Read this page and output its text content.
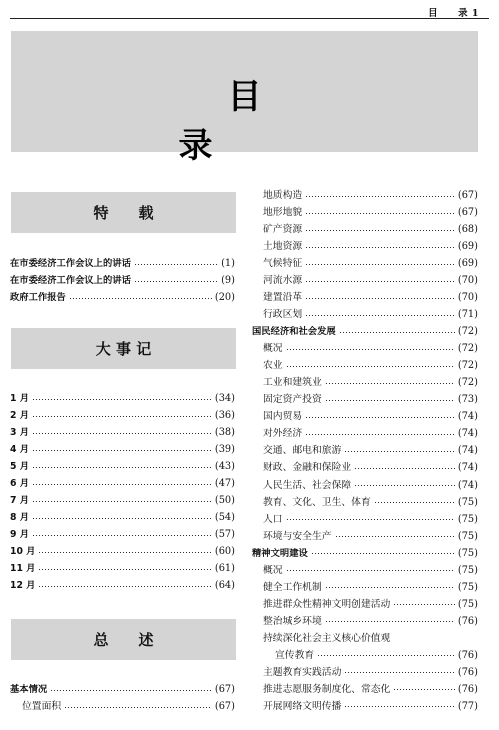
目　　录 1
目　录
特　　载
大 事 记
总　　述
在市委经济工作会议上的讲话	(1)
在市委经济工作会议上的讲话	(9)
政府工作报告	(20)
1 月	(34)
2 月	(36)
3 月	(38)
4 月	(39)
5 月	(43)
6 月	(47)
7 月	(50)
8 月	(54)
9 月	(57)
10 月	(60)
11 月	(61)
12 月	(64)
基本情况	(67)
位置面积	(67)
地质构造	(67)
地形地貌	(67)
矿产资源	(68)
土地资源	(69)
气候特征	(69)
河流水源	(70)
建置沿革	(70)
行政区划	(71)
国民经济和社会发展	(72)
概况	(72)
农业	(72)
工业和建筑业	(72)
固定资产投资	(73)
国内贸易	(74)
对外经济	(74)
交通、邮电和旅游	(74)
财政、金融和保险业	(74)
人民生活、社会保障	(74)
教育、文化、卫生、体育	(75)
人口	(75)
环境与安全生产	(75)
精神文明建设	(75)
概况	(75)
健全工作机制	(75)
推进群众性精神文明创建活动	(75)
整治城乡环境	(76)
持续深化社会主义核心价值观
宣传教育	(76)
主题教育实践活动	(76)
推进志愿服务制度化、常态化	(76)
开展网络文明传播	(77)
